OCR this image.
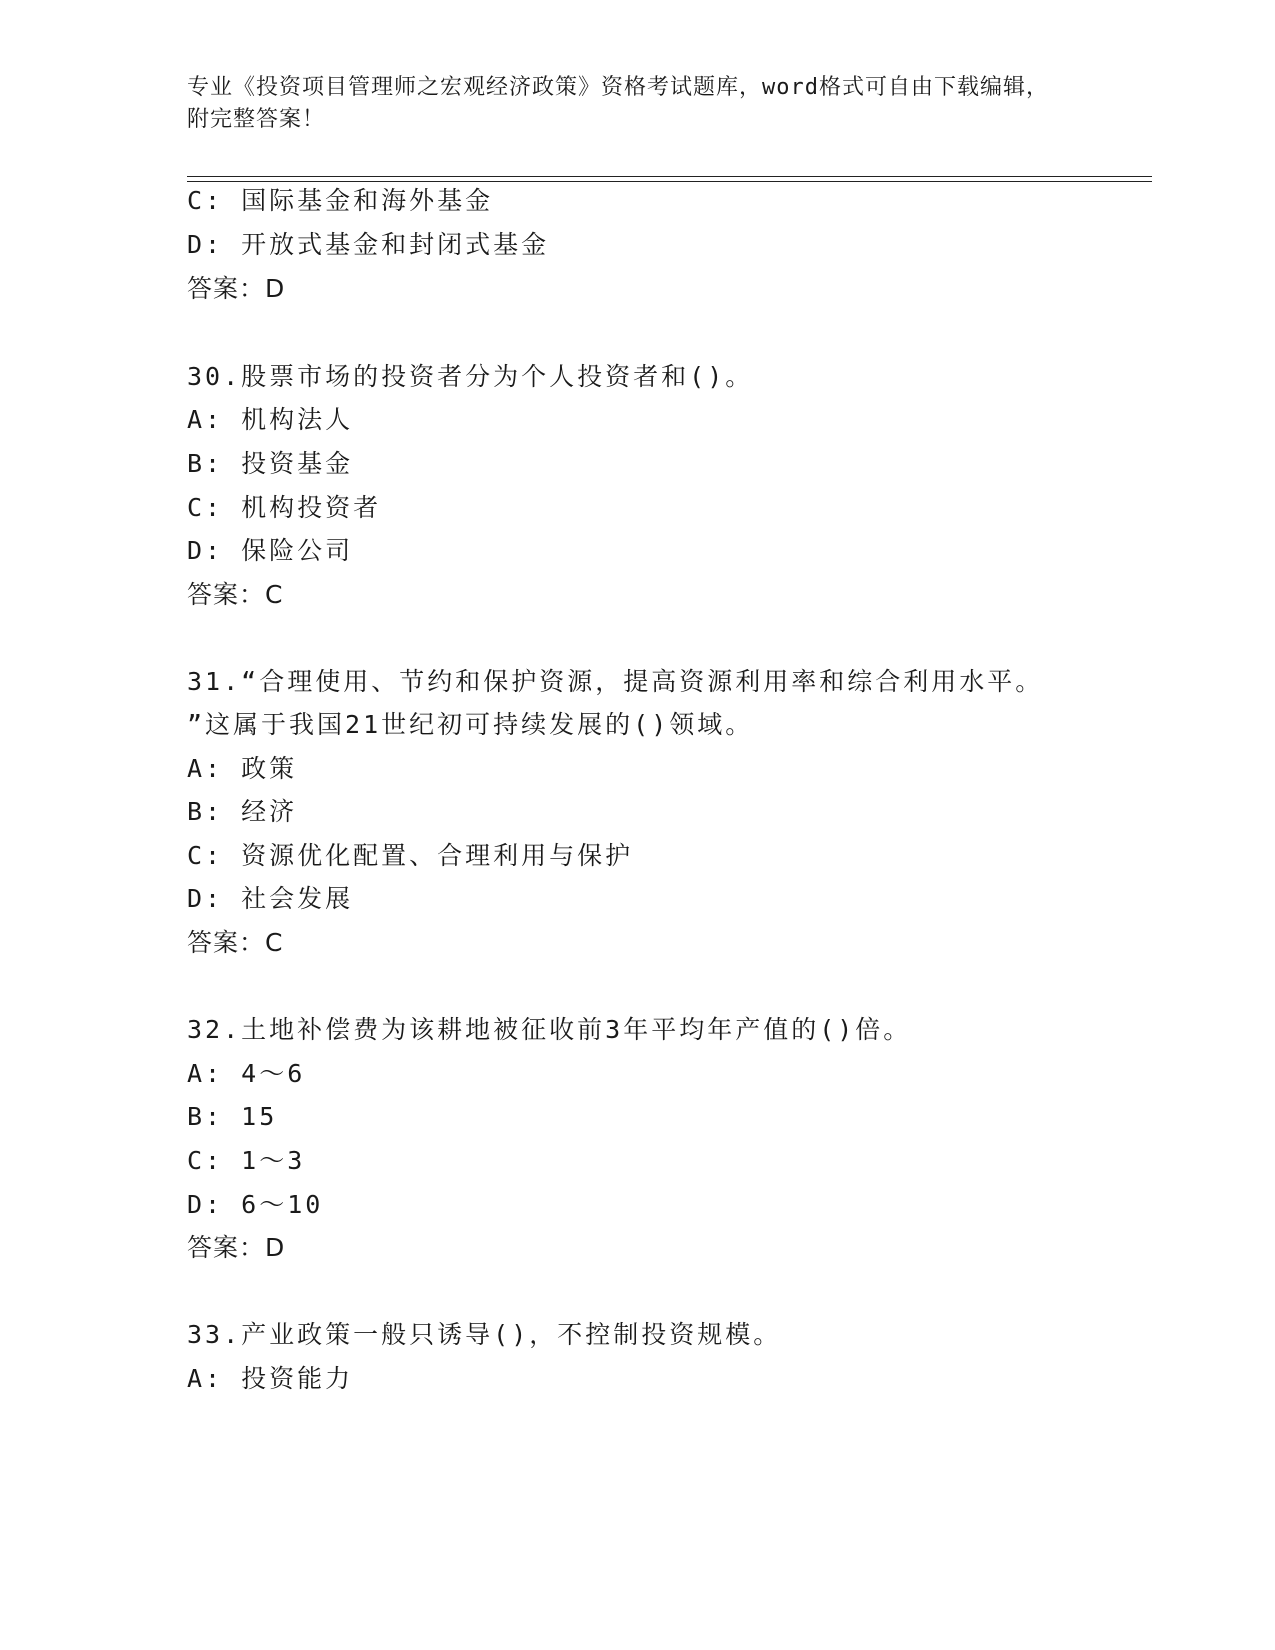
专业《投资项目管理师之宏观经济政策》资格考试题库，word格式可自由下载编辑，附完整答案！
C: 国际基金和海外基金
D: 开放式基金和封闭式基金
答案：D
30.股票市场的投资者分为个人投资者和()。
A: 机构法人
B: 投资基金
C: 机构投资者
D: 保险公司
答案：C
31.“合理使用、节约和保护资源，提高资源利用率和综合利用水平。
”这属于我国21世纪初可持续发展的()领域。
A: 政策
B: 经济
C: 资源优化配置、合理利用与保护
D: 社会发展
答案：C
32.土地补偿费为该耕地被征收前3年平均年产值的()倍。
A: 4～6
B: 15
C: 1～3
D: 6～10
答案：D
33.产业政策一般只诱导()，不控制投资规模。
A: 投资能力
